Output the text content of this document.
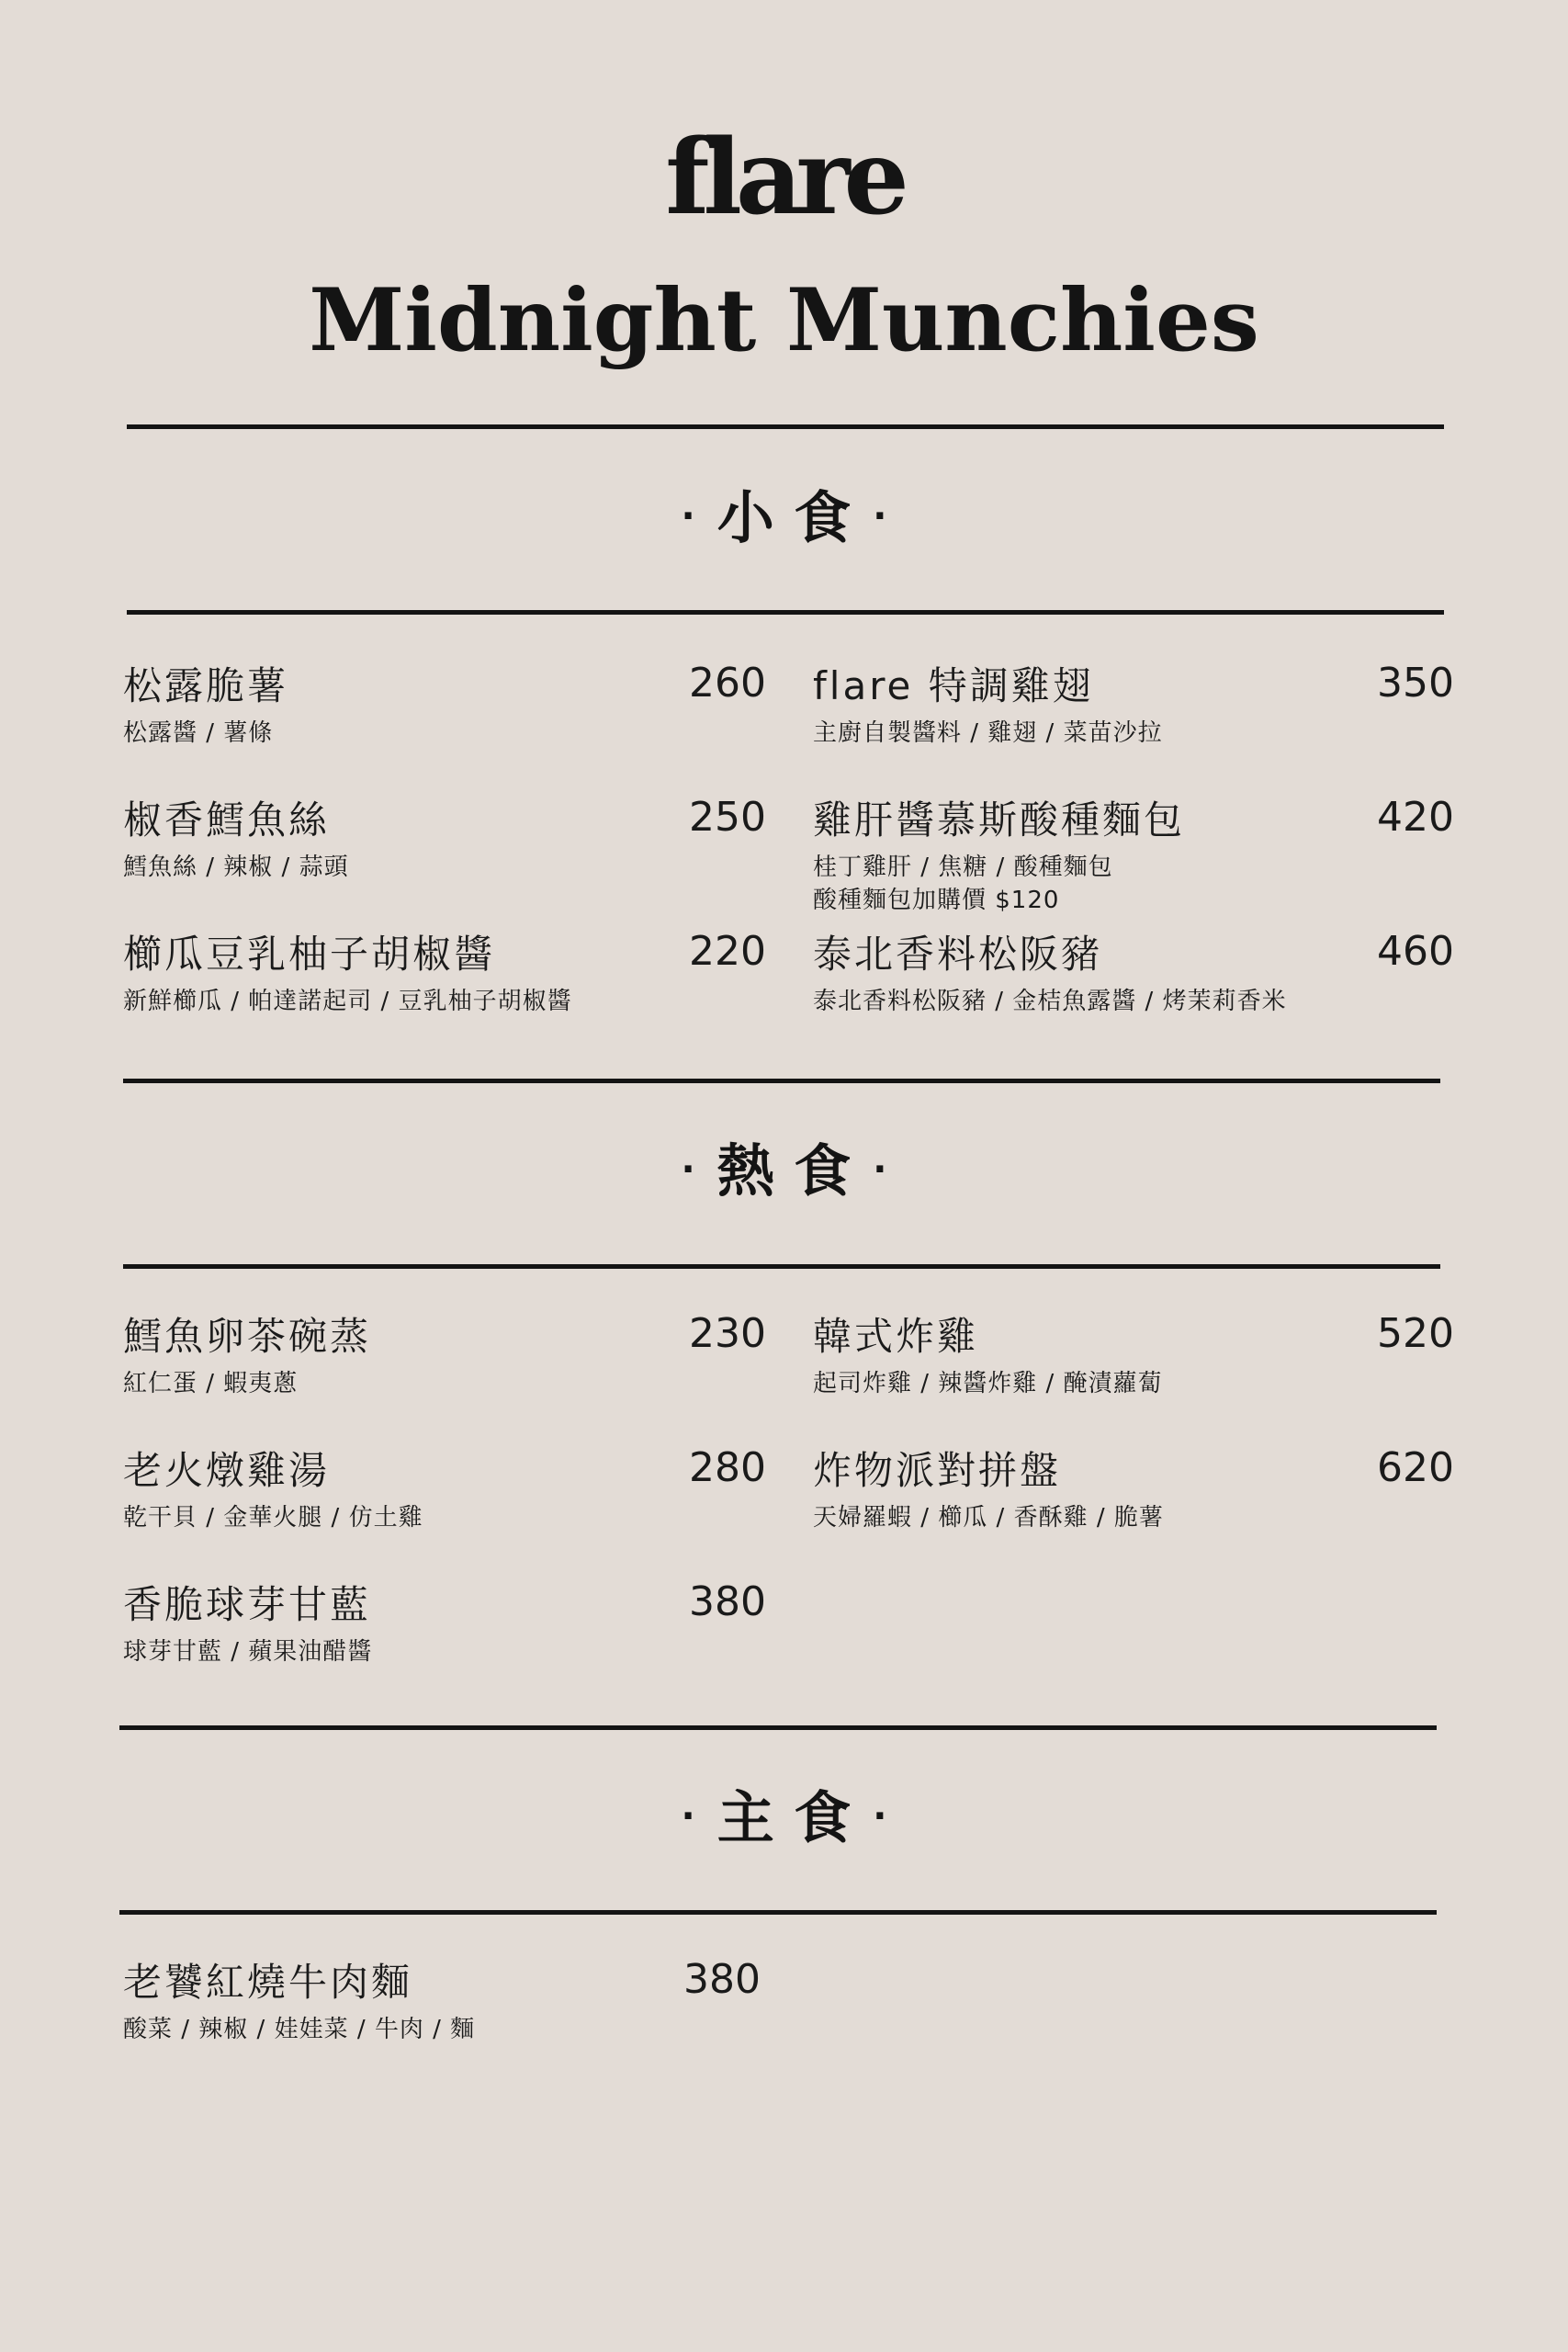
flare
Midnight Munchies
· 小 食 ·
松露脆薯	260
松露醬 / 薯條
flare 特調雞翅	350
主廚自製醬料 / 雞翅 / 菜苗沙拉
椒香鱈魚絲	250
鱈魚絲 / 辣椒 / 蒜頭
雞肝醬慕斯酸種麵包	420
桂丁雞肝 / 焦糖 / 酸種麵包
酸種麵包加購價 $120
櫛瓜豆乳柚子胡椒醬	220
新鮮櫛瓜 / 帕達諾起司 / 豆乳柚子胡椒醬
泰北香料松阪豬	460
泰北香料松阪豬 / 金桔魚露醬 / 烤茉莉香米
· 熱 食 ·
鱈魚卵茶碗蒸	230
紅仁蛋 / 蝦夷蔥
韓式炸雞	520
起司炸雞 / 辣醬炸雞 / 醃漬蘿蔔
老火燉雞湯	280
乾干貝 / 金華火腿 / 仿土雞
炸物派對拼盤	620
天婦羅蝦 / 櫛瓜 / 香酥雞 / 脆薯
香脆球芽甘藍	380
球芽甘藍 / 蘋果油醋醬
· 主 食 ·
老饕紅燒牛肉麵	380
酸菜 / 辣椒 / 娃娃菜 / 牛肉 / 麵
